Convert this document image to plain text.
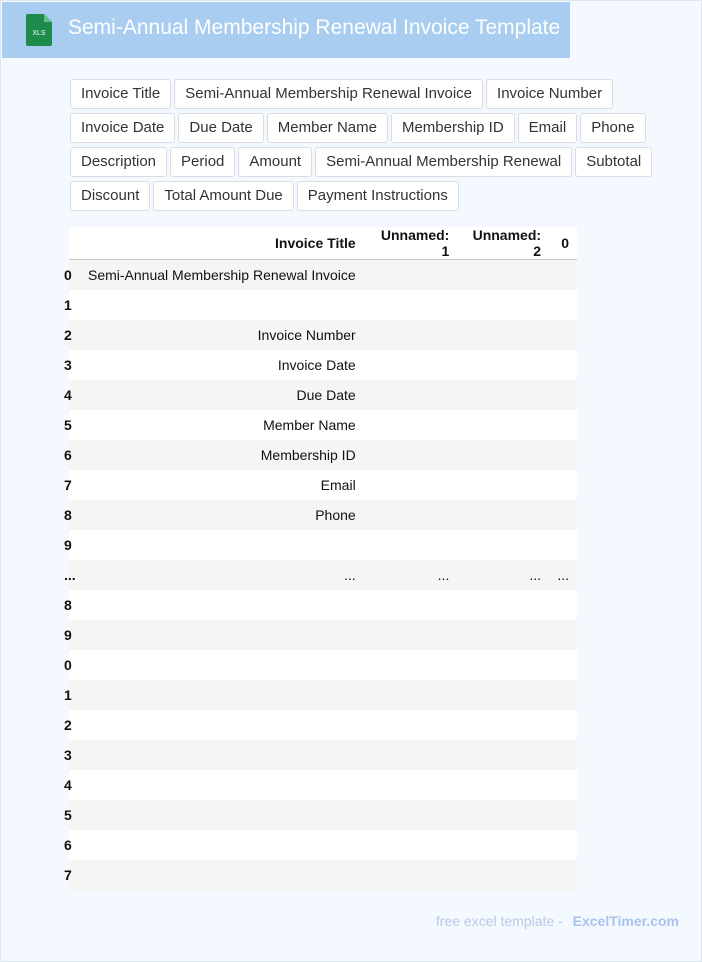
XLS Semi-Annual Membership Renewal Invoice Template
Invoice Title	Semi-Annual Membership Renewal Invoice	Invoice Number
Invoice Date	Due Date	Member Name	Membership ID	Email	Phone
Description	Period	Amount	Semi-Annual Membership Renewal	Subtotal
Discount	Total Amount Due	Payment Instructions
	Invoice Title	Unnamed: 1	Unnamed: 2	0
0	Semi-Annual Membership Renewal Invoice			
1				
2	Invoice Number			
3	Invoice Date			
4	Due Date			
5	Member Name			
6	Membership ID			
7	Email			
8	Phone			
9				
...	...	...	...	...
8				
9				
0				
1				
2				
3				
4				
5				
6				
7				
free excel template - ExcelTimer.com
